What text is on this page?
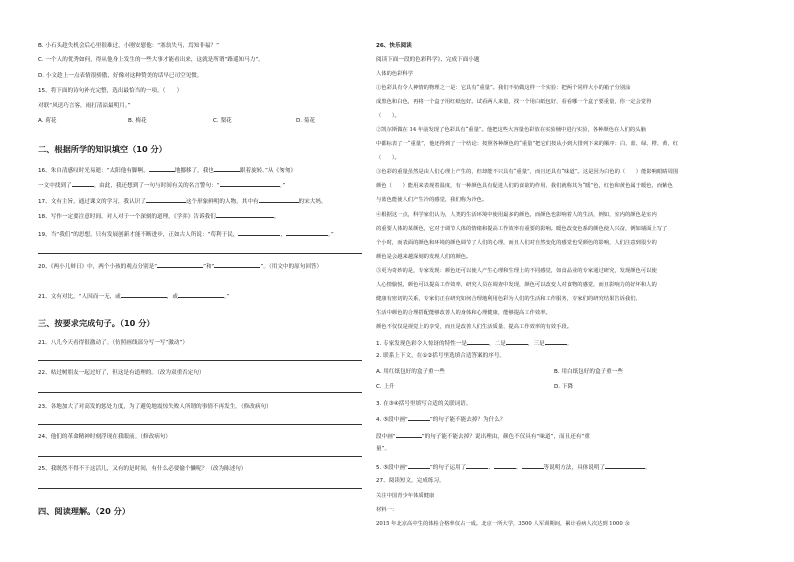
B. 小石头趁失机会后心里很难过，小刚安慰他：“塞翁失马，焉知非福？”
C. 一个人的优秀如何，得从他身上发生的一些大事才能看出来，这就是所谓“路遥知马力”。
D. 小文趁上一点表情很骄傲，好像对这种赞美的话早已司空见惯。
15、将下面的诗句补充完整，选出最恰当的一项。（　　）
对联“风送巧言客，雨打清凉最明月。”
A. 荷花	B. 梅花	C. 梨花	D. 菊花
二、根据所学的知识填空（10 分）
16、朱自清感叹时光易逝：“太阳他有脚啊，	地挪移了，我也	跟着旋转。”从《匆匆》
一文中找到了	。由此，我还想到了一句与时间有关的名言警句：“	。”
17、文有主旨，通过课文的学习，我认识了	这个形象鲜明的人物，其中有	的宋大妈。
18、写作一定要注意时间、对人对于一个深刻的道理，《学弈》告诉我们	。
19、当“我们”的思想，只有发展创新才能不断进步，正如古人所说：“苟利于民，	，	。”
20、《两小儿辩日》中，两个小孩的观点分别是“	”和“	”。（用文中的原句回答）
21、文有对比，“人因而一无，或	，或	。”
三、按要求完成句子。（10 分）
21、八儿今天看得很激动了。（仿照画线部分写一写“激动”）
22、枯过树朋友一起过好了，但这是有道理的。（改为双重否定句）
23、各地加大了对高发的惩处力度，为了避免地震惊失败人所谓的事情不再发生。（修改病句）
24、他们的革命精神时刻浮现在我眼前。（修改病句）
25、我既然不得不干这活儿，又有的是时间，有什么必要偷个懒呢？（改为陈述句）
四、阅读理解。（20 分）
26、快乐阅读
阅读下面一段的色彩科学》，完成下面小题
人体的色彩科学
①色彩具有令人神情的物理之一是：它具有“重量”。我们不妨做这样一个实验：把两个同样大小的箱子分别涂
成黑色和白色，再将一个盒子用红纸包好。试看两人来量，找一个用白纸包好，看看哪一个盒子要重量，你一定会觉得
（　　）。
②凯尔斯做在 14 年前发现了色彩具有“重量”。他把这些大容量色彩放在实验桶中进行实验，各种颜色在人们的头脑
中都标表了一“重量”，他还得到了一个结论：按照各种颜色的“重量”把它们按从小到大排列下来的顺序：白、蓝、绿、橙、黄、红
（　　）。
③色彩的重量虽然是由人们心理上产生的，但却能不只具有“重量”，而且还具有“味道”。这是因为白色的（　　）能影响眼睛周围
颜色（　　）能用来表现着温度，有一种颜色具有促进人们的食欲的作用，我们就称其为“暖”色，红色和黄色属于暖色，而紫色
与蓝色能使人们产生冷的感觉，我们称为冷色。
④根据这一点，科学家们认为，人类的生活环境中使用最多的颜色，而颜色也影响着人的生活，例如，室内的颜色是室内
的重要人体的某颜色，它对于调节人体的情绪和提高工作效率有重要的影响。暖色改变色系的颜色使人兴奋，例如墙面上写了
个小时，而表面的颜色和环境的颜色调节了人们的心理，而且人们对自然变化的感觉也受颜色的影响，人们注意到很少的
颜色是会越来越深刻的发现人们的颜色。
⑤更为奇妙的是，专家发现：颜色还可以使人产生心理和生理上的不同感觉，如食品业的专家通过研究，发现颜色可以使
人心情愉悦，颜色可以提高工作效率，研究人员在调查中发现，颜色可以改变人对食物的感觉，而且影响力的好坏和人的
健康有密切的关系，专家们正在研究如何合理地利用色彩为人们的生活和工作服务，专家们的研究结果告诉我们，
生活中颜色的合理搭配能够改善人的身体和心理健康，能够提高工作效率。
颜色不仅仅是视觉上的享受，而且是改善人们生活质量、提高工作效率的有效手段。
1. 专家发现色彩令人惊讶的特性一是	，二是	，三是	。
2. 联系上下文，在①②括号里选填合适答案的序号。
A. 用红纸包好的盒子重一些	B. 用白纸包好的盒子重一些
C. 上升	D. 下降
3. 在③④括号里填写合适的关联词语。
4. ⑤段中画“	”的句子能不能去掉？为什么？
段中画“	”的句子能不能去掉？说出理由，颜色不仅具有“味道”，而且还有“重
量”。
5. ⑤段中画“	”的句子运用了	、	、	等说明方法，具体说明了	。
27、阅读短文，完成练习。
关注中国青少年体质健康
材料一：
2015 年北京高中生的体检合格率仅占一成。北京一所大学，3500 人军训期间，累计看病人次达到 1000 余
